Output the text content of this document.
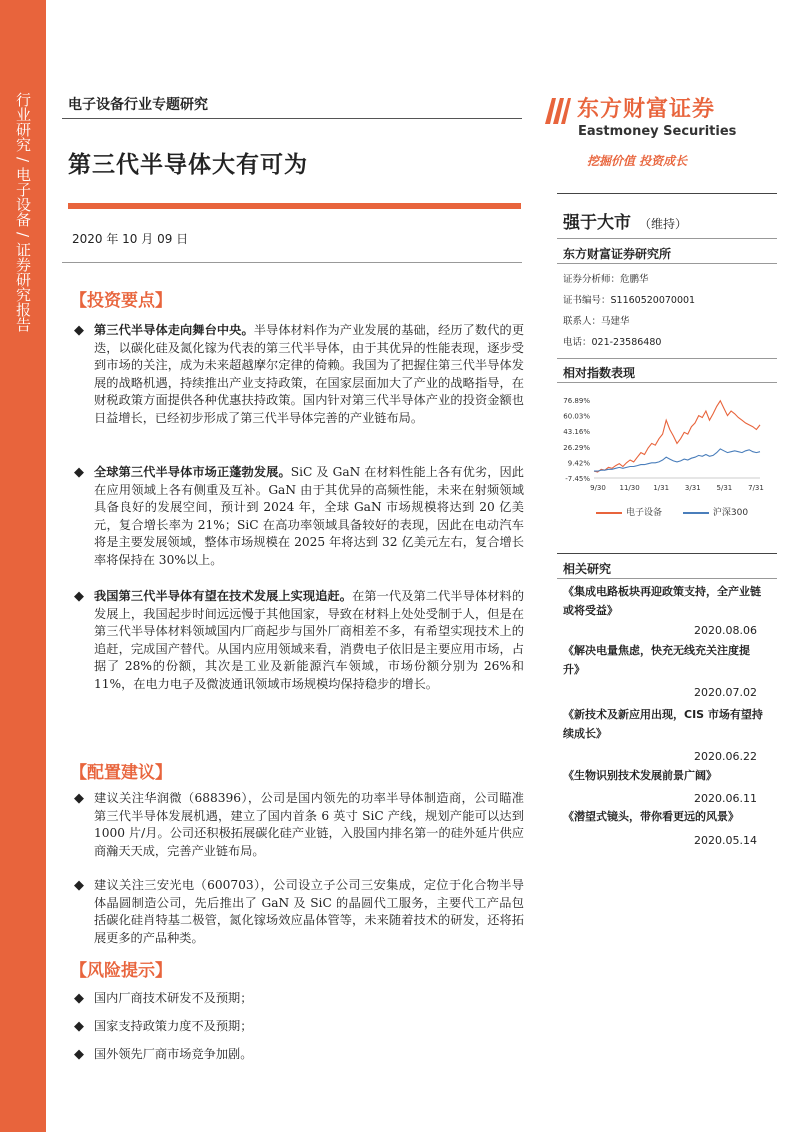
行业研究
/
电子设备
/
证券研究报告
电子设备行业专题研究
第三代半导体大有可为
2020 年 10 月 09 日
【投资要点】
◆ 第三代半导体走向舞台中央。半导体材料作为产业发展的基础，经历了数代的更迭，以碳化硅及氮化镓为代表的第三代半导体，由于其优异的性能表现，逐步受到市场的关注，成为未来超越摩尔定律的倚赖。我国为了把握住第三代半导体发展的战略机遇，持续推出产业支持政策，在国家层面加大了产业的战略指导，在财税政策方面提供各种优惠扶持政策。国内针对第三代半导体产业的投资金额也日益增长，已经初步形成了第三代半导体完善的产业链布局。
◆ 全球第三代半导体市场正蓬勃发展。SiC 及 GaN 在材料性能上各有优劣，因此在应用领域上各有侧重及互补。GaN 由于其优异的高频性能，未来在射频领域具备良好的发展空间，预计到 2024 年，全球 GaN 市场规模将达到 20 亿美元，复合增长率为 21%；SiC 在高功率领域具备较好的表现，因此在电动汽车将是主要发展领域，整体市场规模在 2025 年将达到 32 亿美元左右，复合增长率将保持在 30%以上。
◆ 我国第三代半导体有望在技术发展上实现追赶。在第一代及第二代半导体材料的发展上，我国起步时间远远慢于其他国家，导致在材料上处处受制于人，但是在第三代半导体材料领域国内厂商起步与国外厂商相差不多，有希望实现技术上的追赶，完成国产替代。从国内应用领域来看，消费电子依旧是主要应用市场，占据了 28%的份额，其次是工业及新能源汽车领域，市场份额分别为 26%和 11%，在电力电子及微波通讯领域市场规模均保持稳步的增长。
【配置建议】
◆ 建议关注华润微（688396），公司是国内领先的功率半导体制造商，公司瞄准第三代半导体发展机遇，建立了国内首条 6 英寸 SiC 产线，规划产能可以达到 1000 片/月。公司还积极拓展碳化硅产业链，入股国内排名第一的硅外延片供应商瀚天天成，完善产业链布局。
◆ 建议关注三安光电（600703），公司设立子公司三安集成，定位于化合物半导体晶圆制造公司，先后推出了 GaN 及 SiC 的晶圆代工服务，主要代工产品包括碳化硅肖特基二极管，氮化镓场效应晶体管等，未来随着技术的研发，还将拓展更多的产品种类。
【风险提示】
◆ 国内厂商技术研发不及预期；
◆ 国家支持政策力度不及预期；
◆ 国外领先厂商市场竞争加剧。
东方财富证券
Eastmoney Securities
挖掘价值 投资成长
强于大市 （维持）
东方财富证券研究所
证券分析师：危鹏华
证书编号：S1160520070001
联系人：马建华
电话：021-23586480
相对指数表现
76.89%
60.03%
43.16%
26.29%
9.42%
-7.45%
9/30 11/30 1/31 3/31 5/31 7/31
电子设备	沪深300
相关研究
《集成电路板块再迎政策支持，全产业链或将受益》
2020.08.06
《解决电量焦虑，快充无线充关注度提升》
2020.07.02
《新技术及新应用出现，CIS 市场有望持续成长》
2020.06.22
《生物识别技术发展前景广阔》
2020.06.11
《潜望式镜头，带你看更远的风景》
2020.05.14
